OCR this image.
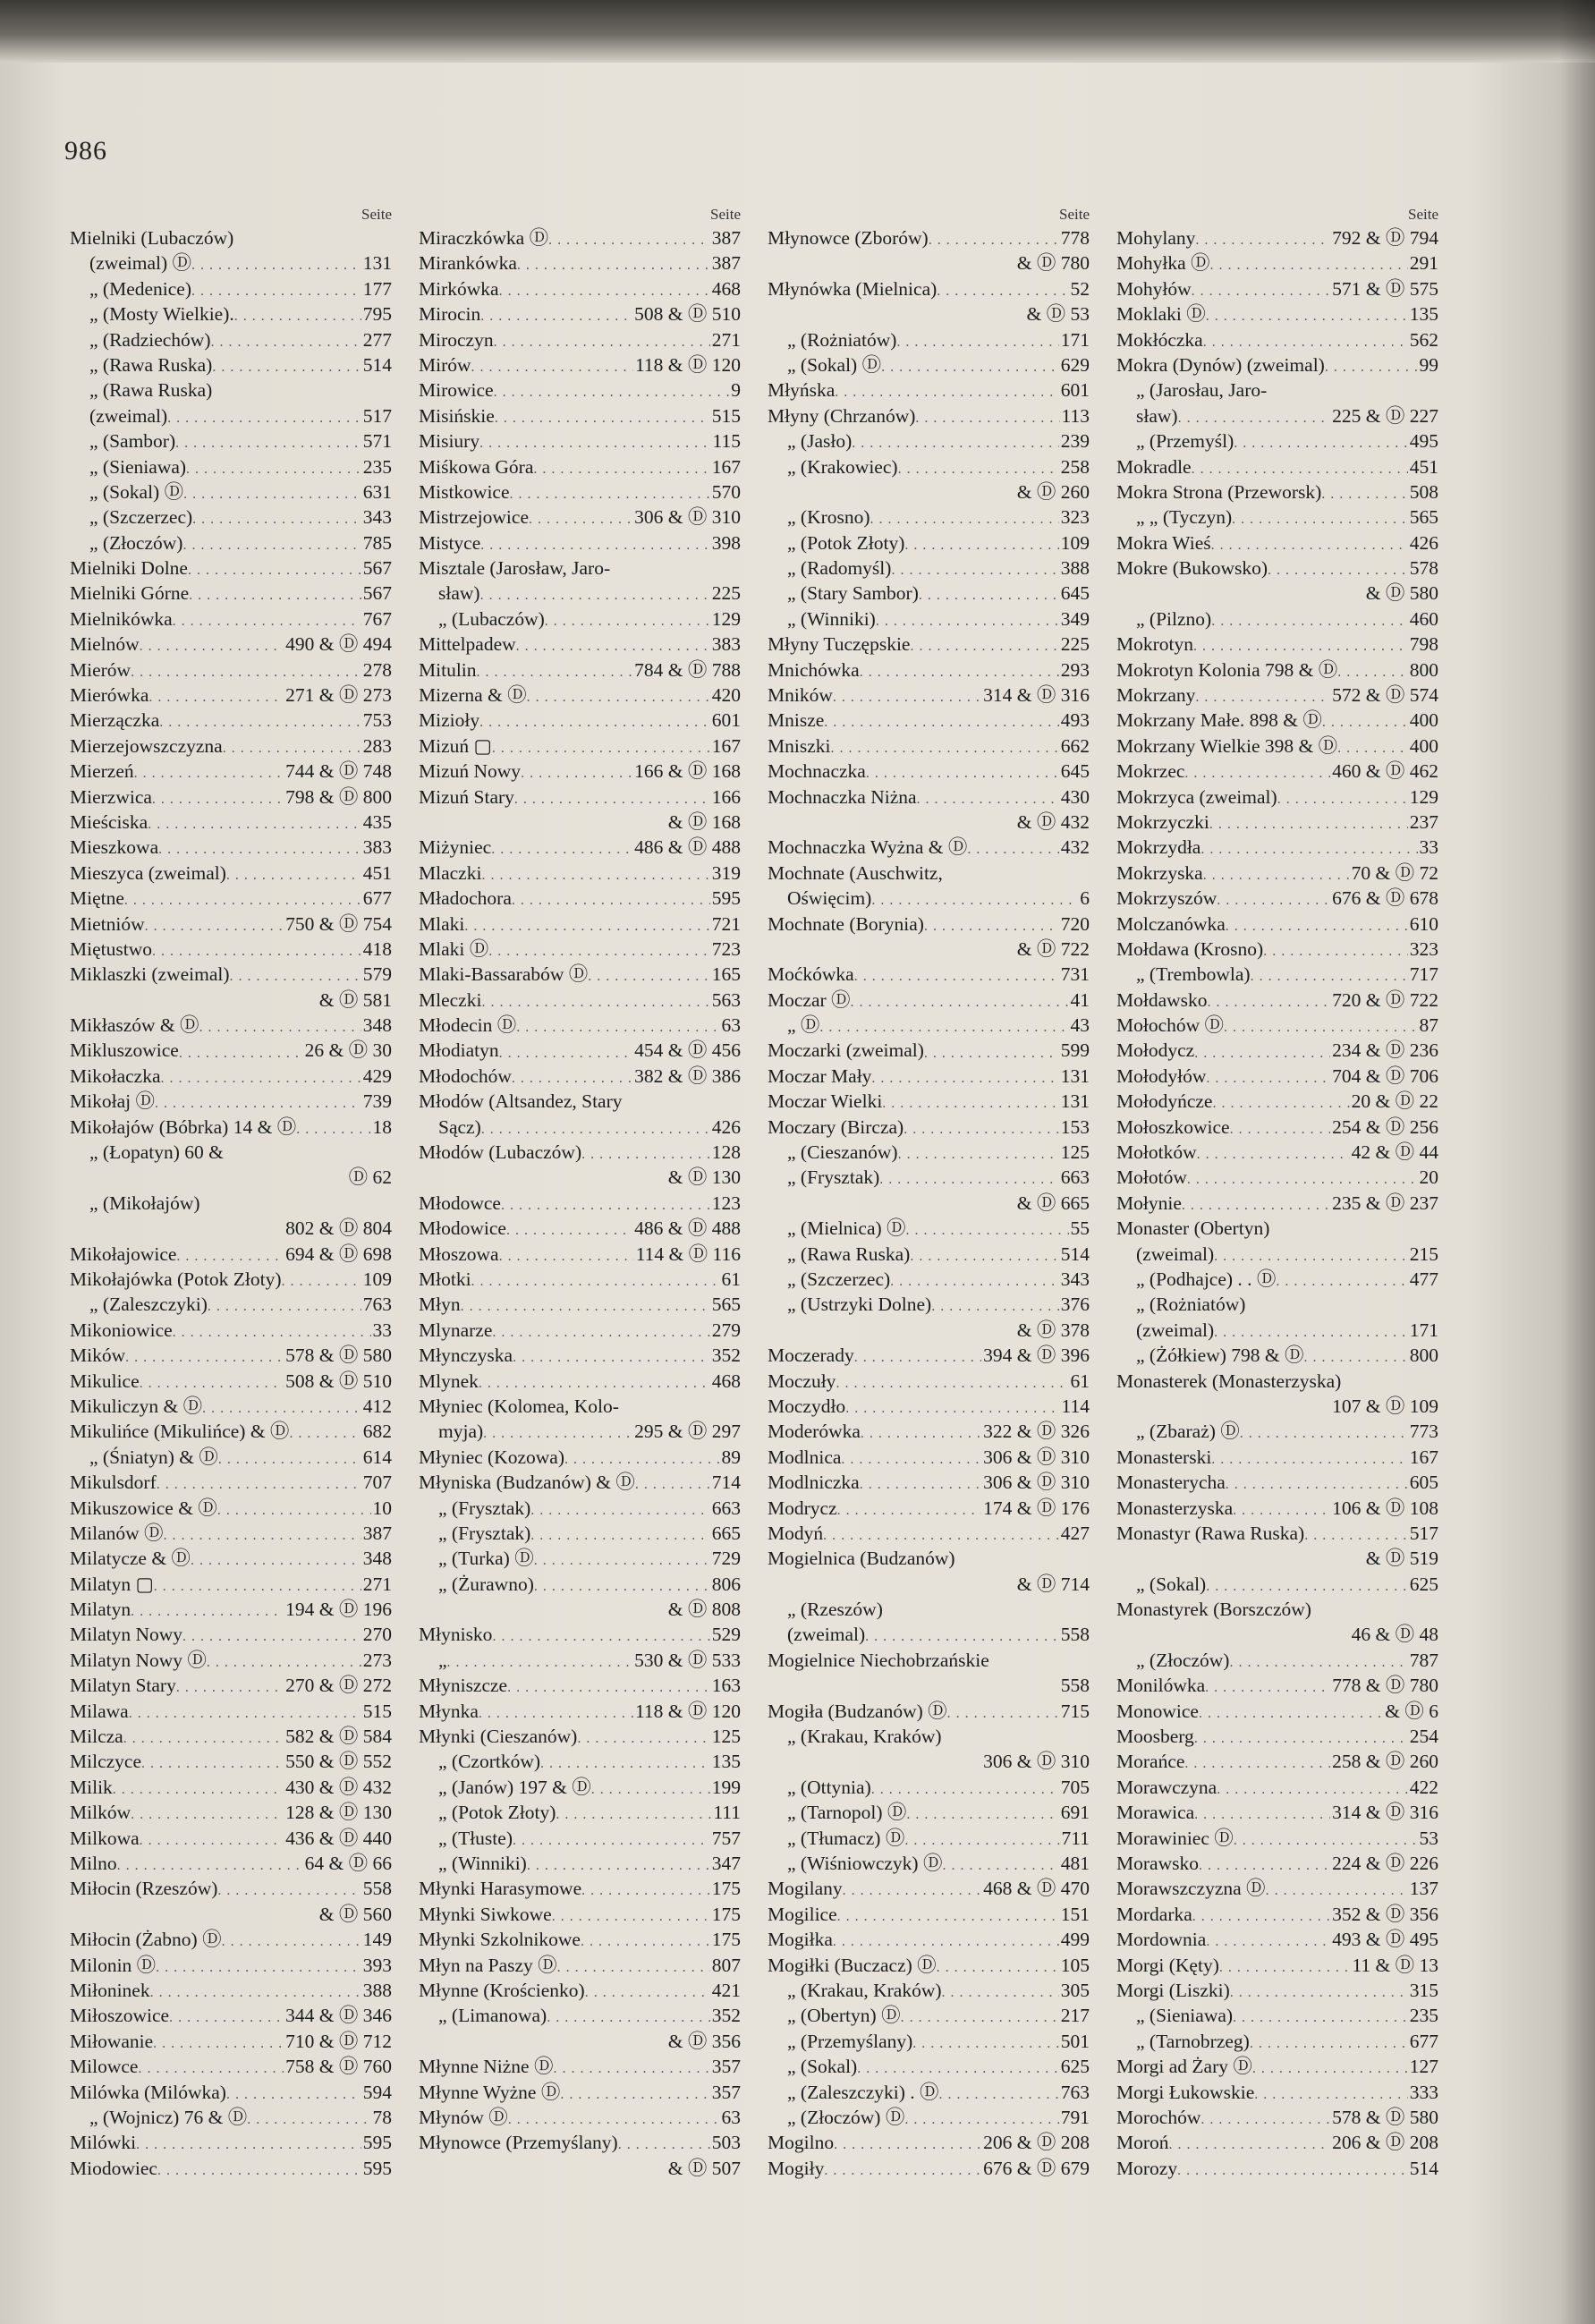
986
Seite
Mielniki (Lubaczów)
(zweimal) Ⓓ . . .	131
„ (Medenice) . . .	177
„ (Mosty Wielkie). . . .	795
„ (Radziechów) . . .	277
„ (Rawa Ruska) . . .	514
„ (Rawa Ruska)
(zweimal) . . .	517
„ (Sambor) . . .	571
„ (Sieniawa) . . .	235
„ (Sokal) Ⓓ . . .	631
„ (Szczerzec) . . .	343
„ (Złoczów) . . .	785
Mielniki Dolne . . .	567
Mielniki Górne . . .	567
Mielnikówka . . .	767
Mielnów . . .	490 & Ⓓ 494
Mierów . . .	278
Mierówka . . .	271 & Ⓓ 273
Mierzączka . . .	753
Mierzejowszczyzna . . .	283
Mierzeń . . .	744 & Ⓓ 748
Mierzwica . . .	798 & Ⓓ 800
Mieściska . . .	435
Mieszkowa . . .	383
Mieszyca (zweimal) . . .	451
Miętne . . .	677
Mietniów . . .	750 & Ⓓ 754
Miętustwo . . .	418
Miklaszki (zweimal) . . .	579
& Ⓓ 581
Mikłaszów & Ⓓ . . .	348
Mikluszowice . . .	26 & Ⓓ 30
Mikołaczka . . .	429
Mikołaj Ⓓ . . .	739
Mikołajów (Bóbrka) 14 & Ⓓ . . .	18
„ (Łopatyn) 60 &
Ⓓ 62
„ (Mikołajów)
802 & Ⓓ 804
Mikołajowice . . .	694 & Ⓓ 698
Mikołajówka (Potok Złoty) . . .	109
„ (Zaleszczyki) . . .	763
Mikoniowice . . .	33
Mików . . .	578 & Ⓓ 580
Mikulice . . .	508 & Ⓓ 510
Mikuliczyn & Ⓓ . . .	412
Mikulińce (Mikulińce) & Ⓓ . . .	682
„ (Śniatyn) & Ⓓ . . .	614
Mikulsdorf . . .	707
Mikuszowice & Ⓓ . . .	10
Milanów Ⓓ . . .	387
Milatycze & Ⓓ . . .	348
Milatyn ▢ . . .	271
Milatyn . . .	194 & Ⓓ 196
Milatyn Nowy . . .	270
Milatyn Nowy Ⓓ . . .	273
Milatyn Stary . . .	270 & Ⓓ 272
Milawa . . .	515
Milcza . . .	582 & Ⓓ 584
Milczyce . . .	550 & Ⓓ 552
Milik . . .	430 & Ⓓ 432
Milków . . .	128 & Ⓓ 130
Milkowa . . .	436 & Ⓓ 440
Milno . . .	64 & Ⓓ 66
Miłocin (Rzeszów) . . .	558
& Ⓓ 560
Miłocin (Żabno) Ⓓ . . .	149
Milonin Ⓓ . . .	393
Miłoninek . . .	388
Miłoszowice . . .	344 & Ⓓ 346
Miłowanie . . .	710 & Ⓓ 712
Milowce . . .	758 & Ⓓ 760
Milówka (Milówka) . . .	594
„ (Wojnicz) 76 & Ⓓ . . .	78
Milówki . . .	595
Miodowiec . . .	595
Seite
Miraczkówka Ⓓ . . .	387
Mirankówka . . .	387
Mirkówka . . .	468
Mirocin . . .	508 & Ⓓ 510
Miroczyn . . .	271
Mirów . . .	118 & Ⓓ 120
Mirowice . . .	9
Misińskie . . .	515
Misiury . . .	115
Miśkowa Góra . . .	167
Mistkowice . . .	570
Mistrzejowice . . .	306 & Ⓓ 310
Mistyce . . .	398
Misztale (Jarosław, Jaro-
sław) . . .	225
„ (Lubaczów) . . .	129
Mittelpadew . . .	383
Mitulin . . .	784 & Ⓓ 788
Mizerna & Ⓓ . . .	420
Mizioły . . .	601
Mizuń ▢ . . .	167
Mizuń Nowy . . .	166 & Ⓓ 168
Mizuń Stary . . .	166
& Ⓓ 168
Miżyniec . . .	486 & Ⓓ 488
Mlaczki . . .	319
Mładochora . . .	595
Mlaki . . .	721
Mlaki Ⓓ . . .	723
Mlaki-Bassarabów Ⓓ . . .	165
Mleczki . . .	563
Młodecin Ⓓ . . .	63
Młodiatyn . . .	454 & Ⓓ 456
Młodochów . . .	382 & Ⓓ 386
Młodów (Altsandez, Stary
Sącz) . . .	426
Młodów (Lubaczów) . . .	128
& Ⓓ 130
Młodowce . . .	123
Młodowice . . .	486 & Ⓓ 488
Młoszowa . . .	114 & Ⓓ 116
Młotki . . .	61
Młyn . . .	565
Mlynarze . . .	279
Młynczyska . . .	352
Mlynek . . .	468
Młyniec (Kolomea, Kolo-
myja) . . .	295 & Ⓓ 297
Młyniec (Kozowa) . . .	89
Młyniska (Budzanów) & Ⓓ . . .	714
„ (Frysztak) . . .	663
„ (Frysztak) . . .	665
„ (Turka) Ⓓ . . .	729
„ (Żurawno) . . .	806
& Ⓓ 808
Młynisko . . .	529
„ . . .	530 & Ⓓ 533
Młyniszcze . . .	163
Młynka . . .	118 & Ⓓ 120
Młynki (Cieszanów) . . .	125
„ (Czortków) . . .	135
„ (Janów) 197 & Ⓓ . . .	199
„ (Potok Złoty) . . .	111
„ (Tłuste) . . .	757
„ (Winniki) . . .	347
Młynki Harasymowe . . .	175
Młynki Siwkowe . . .	175
Młynki Szkolnikowe . . .	175
Młyn na Paszy Ⓓ . . .	807
Młynne (Krościenko) . . .	421
„ (Limanowa) . . .	352
& Ⓓ 356
Młynne Niżne Ⓓ . . .	357
Młynne Wyżne Ⓓ . . .	357
Młynów Ⓓ . . .	63
Młynowce (Przemyślany) . . .	503
& Ⓓ 507
Seite
Młynowce (Zborów) . . .	778
& Ⓓ 780
Młynówka (Mielnica) . . .	52
& Ⓓ 53
„ (Rożniatów) . . .	171
„ (Sokal) Ⓓ . . .	629
Młyńska . . .	601
Młyny (Chrzanów) . . .	113
„ (Jasło) . . .	239
„ (Krakowiec) . . .	258
& Ⓓ 260
„ (Krosno) . . .	323
„ (Potok Złoty) . . .	109
„ (Radomyśl) . . .	388
„ (Stary Sambor) . . .	645
„ (Winniki) . . .	349
Młyny Tuczępskie . . .	225
Mnichówka . . .	293
Mników . . .	314 & Ⓓ 316
Mnisze . . .	493
Mniszki . . .	662
Mochnaczka . . .	645
Mochnaczka Niżna . . .	430
& Ⓓ 432
Mochnaczka Wyżna & Ⓓ . . .	432
Mochnate (Auschwitz,
Oświęcim) . . .	6
Mochnate (Borynia) . . .	720
& Ⓓ 722
Moćkówka . . .	731
Moczar Ⓓ . . .	41
„ Ⓓ . . .	43
Moczarki (zweimal) . . .	599
Moczar Mały . . .	131
Moczar Wielki . . .	131
Moczary (Bircza) . . .	153
„ (Cieszanów) . . .	125
„ (Frysztak) . . .	663
& Ⓓ 665
„ (Mielnica) Ⓓ . . .	55
„ (Rawa Ruska) . . .	514
„ (Szczerzec) . . .	343
„ (Ustrzyki Dolne) . . .	376
& Ⓓ 378
Moczerady . . .	394 & Ⓓ 396
Moczuły . . .	61
Moczydło . . .	114
Moderówka . . .	322 & Ⓓ 326
Modlnica . . .	306 & Ⓓ 310
Modlniczka . . .	306 & Ⓓ 310
Modrycz . . .	174 & Ⓓ 176
Modyń . . .	427
Mogielnica (Budzanów)
& Ⓓ 714
„ (Rzeszów)
(zweimal) . . .	558
Mogielnice Niechobrzańskie
558
Mogiła (Budzanów) Ⓓ . . .	715
„ (Krakau, Kraków)
306 & Ⓓ 310
„ (Ottynia) . . .	705
„ (Tarnopol) Ⓓ . . .	691
„ (Tłumacz) Ⓓ . . .	711
„ (Wiśniowczyk) Ⓓ . . .	481
Mogilany . . .	468 & Ⓓ 470
Mogilice . . .	151
Mogiłka . . .	499
Mogiłki (Buczacz) Ⓓ . . .	105
„ (Krakau, Kraków) . . .	305
„ (Obertyn) Ⓓ . . .	217
„ (Przemyślany) . . .	501
„ (Sokal) . . .	625
„ (Zaleszczyki) . Ⓓ . . .	763
„ (Złoczów) Ⓓ . . .	791
Mogilno . . .	206 & Ⓓ 208
Mogiły . . .	676 & Ⓓ 679
Seite
Mohylany . . .	792 & Ⓓ 794
Mohyłka Ⓓ . . .	291
Mohyłów . . .	571 & Ⓓ 575
Moklaki Ⓓ . . .	135
Mokłóczka . . .	562
Mokra (Dynów) (zweimal) . . .	99
„ (Jarosłau, Jaro-
sław) . . .	225 & Ⓓ 227
„ (Przemyśl) . . .	495
Mokradle . . .	451
Mokra Strona (Przeworsk) . . .	508
„ „ (Tyczyn) . . .	565
Mokra Wieś . . .	426
Mokre (Bukowsko) . . .	578
& Ⓓ 580
„ (Pilzno) . . .	460
Mokrotyn . . .	798
Mokrotyn Kolonia 798 & Ⓓ . . .	800
Mokrzany . . .	572 & Ⓓ 574
Mokrzany Małe. 898 & Ⓓ . . .	400
Mokrzany Wielkie 398 & Ⓓ . . .	400
Mokrzec . . .	460 & Ⓓ 462
Mokrzyca (zweimal) . . .	129
Mokrzyczki . . .	237
Mokrzydła . . .	33
Mokrzyska . . .	70 & Ⓓ 72
Mokrzyszów . . .	676 & Ⓓ 678
Molczanówka . . .	610
Mołdawa (Krosno) . . .	323
„ (Trembowla) . . .	717
Mołdawsko . . .	720 & Ⓓ 722
Mołochów Ⓓ . . .	87
Mołodycz . . .	234 & Ⓓ 236
Mołodyłów . . .	704 & Ⓓ 706
Mołodyńcze . . .	20 & Ⓓ 22
Mołoszkowice . . .	254 & Ⓓ 256
Mołotków . . .	42 & Ⓓ 44
Mołotów . . .	20
Mołynie . . .	235 & Ⓓ 237
Monaster (Obertyn)
(zweimal) . . .	215
„ (Podhajce) . . Ⓓ . . .	477
„ (Rożniatów)
(zweimal) . . .	171
„ (Żółkiew) 798 & Ⓓ . . .	800
Monasterek (Monasterzyska)
107 & Ⓓ 109
„ (Zbaraż) Ⓓ . . .	773
Monasterski . . .	167
Monasterycha . . .	605
Monasterzyska . . .	106 & Ⓓ 108
Monastyr (Rawa Ruska) . . .	517
& Ⓓ 519
„ (Sokal) . . .	625
Monastyrek (Borszczów)
46 & Ⓓ 48
„ (Złoczów) . . .	787
Monilówka . . .	778 & Ⓓ 780
Monowice . . .	& Ⓓ 6
Moosberg . . .	254
Morańce . . .	258 & Ⓓ 260
Morawczyna . . .	422
Morawica . . .	314 & Ⓓ 316
Morawiniec Ⓓ . . .	53
Morawsko . . .	224 & Ⓓ 226
Morawszczyzna Ⓓ . . .	137
Mordarka . . .	352 & Ⓓ 356
Mordownia . . .	493 & Ⓓ 495
Morgi (Kęty) . . .	11 & Ⓓ 13
Morgi (Liszki) . . .	315
„ (Sieniawa) . . .	235
„ (Tarnobrzeg) . . .	677
Morgi ad Żary Ⓓ . . .	127
Morgi Łukowskie . . .	333
Morochów . . .	578 & Ⓓ 580
Moroń . . .	206 & Ⓓ 208
Morozy . . .	514
